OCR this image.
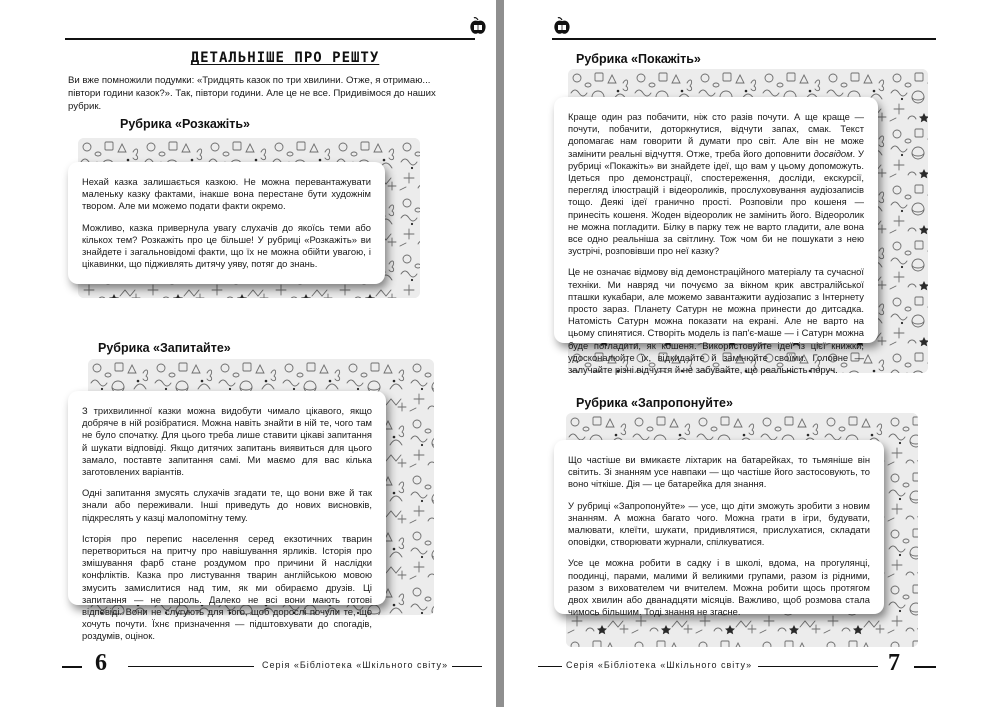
ДЕТАЛЬНІШЕ ПРО РЕШТУ
Ви вже помножили подумки: «Тридцять казок по три хвилини. Отже, я отримаю... півтори години казок?». Так, півтори години. Але це не все. Придивімося до наших рубрик.
Рубрика «Розкажіть»

Нехай казка залишається казкою. Не можна перевантажувати маленьку казку фактами, інакше вона перестане бути художнім твором. Але ми можемо подати факти окремо.

Можливо, казка привернула увагу слухачів до якоїсь теми або кількох тем? Розкажіть про це більше! У рубриці «Розкажіть» ви знайдете і загальновідомі факти, що їх не можна обійти увагою, і цікавинки, що підживлять дитячу уяву, потяг до знань.

Рубрика «Запитайте»

З трихвилинної казки можна видобути чимало цікавого, якщо добряче в ній розібратися. Можна навіть знайти в ній те, чого там не було спочатку. Для цього треба лише ставити цікаві запитання й шукати відповіді. Якщо дитячих запитань виявиться для цього замало, поставте запитання самі. Ми маємо для вас кілька заготовлених варіантів.

Одні запитання змусять слухачів згадати те, що вони вже й так знали або переживали. Інші приведуть до нових висновків, підкреслять у казці малопомітну тему.

Історія про перепис населення серед екзотичних тварин перетвориться на притчу про навішування ярликів. Історія про змішування фарб стане роздумом про причини й наслідки конфліктів. Казка про листування тварин англійською мовою змусить замислитися над тим, як ми обираємо друзів. Ці запитання — не пароль. Далеко не всі вони мають готові відповіді. Вони не слугують для того, щоб дорослі почули те, що хочуть почути. Їхнє призначення — підштовхувати до спогадів, роздумів, оцінок.

6	Серія «Бібліотека «Шкільного світу»
Рубрика «Покажіть»

Краще один раз побачити, ніж сто разів почути. А ще краще — почути, побачити, доторкнутися, відчути запах, смак. Текст допомагає нам говорити й думати про світ. Але він не може замінити реальні відчуття. Отже, треба його доповнити досвідом. У рубриці «Покажіть» ви знайдете ідеї, що вам у цьому допоможуть. Ідеться про демонстрації, спостереження, досліди, екскурсії, перегляд ілюстрацій і відеороликів, прослуховування аудіозаписів тощо. Деякі ідеї гранично прості. Розповіли про кошеня — принесіть кошеня. Жоден відеоролик не замінить його. Відеоролик не можна погладити. Білку в парку теж не варто гладити, але вона все одно реальніша за світлину. Тож чом би не пошукати з нею зустрічі, розповівши про неї казку?

Це не означає відмову від демонстраційного матеріалу та сучасної техніки. Ми навряд чи почуємо за вікном крик австралійської пташки кукабари, але можемо завантажити аудіозапис з Інтернету просто зараз. Планету Сатурн не можна принести до дитсадка. Натомість Сатурн можна показати на екрані. Але не варто на цьому спинятися. Створіть модель із пап'є-маше — і Сатурн можна буде погладити, як кошеня. Використовуйте ідеї із цієї книжки, удосконалюйте їх, відкидайте й замінюйте своїми. Головне — залучайте різні відчуття й не забувайте, що реальність поруч.

Рубрика «Запропонуйте»

Що частіше ви вмикаєте ліхтарик на батарейках, то тьмяніше він світить. Зі знанням усе навпаки — що частіше його застосовують, то воно чіткіше. Дія — це батарейка для знання.

У рубриці «Запропонуйте» — усе, що діти зможуть зробити з новим знанням. А можна багато чого. Можна грати в ігри, будувати, малювати, клеїти, шукати, придивлятися, прислухатися, складати оповідки, створювати журнали, спілкуватися.

Усе це можна робити в садку і в школі, вдома, на прогулянці, поодинці, парами, малими й великими групами, разом із рідними, разом з вихователем чи вчителем. Можна робити щось протягом двох хвилин або дванадцяти місяців. Важливо, щоб розмова стала чимось більшим. Тоді знання не згасне.

Серія «Бібліотека «Шкільного світу»	7
